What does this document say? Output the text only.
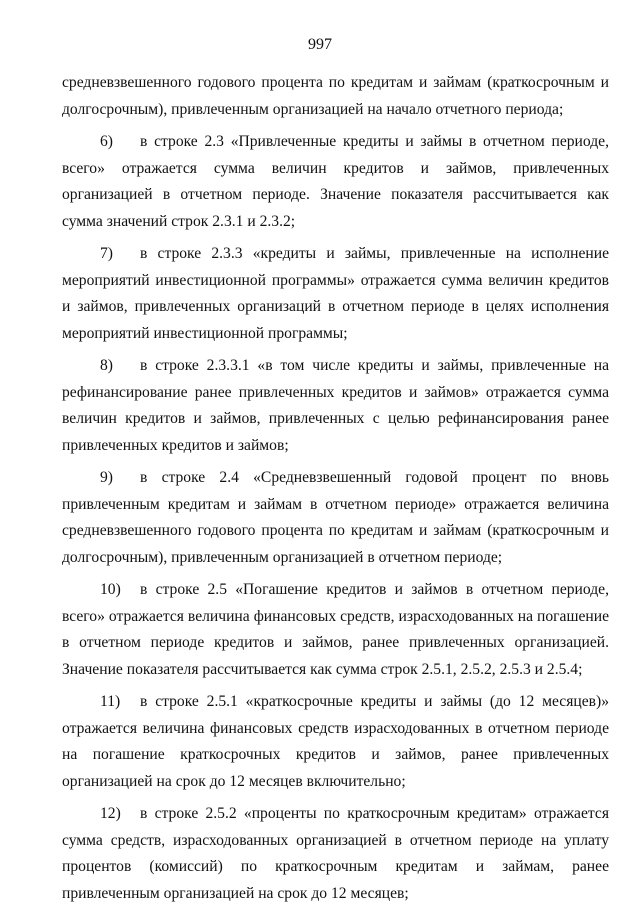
997

средневзвешенного годового процента по кредитам и займам (краткосрочным и долгосрочным), привлеченным организацией на начало отчетного периода;

6) в строке 2.3 «Привлеченные кредиты и займы в отчетном периоде, всего» отражается сумма величин кредитов и займов, привлеченных организацией в отчетном периоде. Значение показателя рассчитывается как сумма значений строк 2.3.1 и 2.3.2;

7) в строке 2.3.3 «кредиты и займы, привлеченные на исполнение мероприятий инвестиционной программы» отражается сумма величин кредитов и займов, привлеченных организаций в отчетном периоде в целях исполнения мероприятий инвестиционной программы;

8) в строке 2.3.3.1 «в том числе кредиты и займы, привлеченные на рефинансирование ранее привлеченных кредитов и займов» отражается сумма величин кредитов и займов, привлеченных с целью рефинансирования ранее привлеченных кредитов и займов;

9) в строке 2.4 «Средневзвешенный годовой процент по вновь привлеченным кредитам и займам в отчетном периоде» отражается величина средневзвешенного годового процента по кредитам и займам (краткосрочным и долгосрочным), привлеченным организацией в отчетном периоде;

10) в строке 2.5 «Погашение кредитов и займов в отчетном периоде, всего» отражается величина финансовых средств, израсходованных на погашение в отчетном периоде кредитов и займов, ранее привлеченных организацией. Значение показателя рассчитывается как сумма строк 2.5.1, 2.5.2, 2.5.3 и 2.5.4;

11) в строке 2.5.1 «краткосрочные кредиты и займы (до 12 месяцев)» отражается величина финансовых средств израсходованных в отчетном периоде на погашение краткосрочных кредитов и займов, ранее привлеченных организацией на срок до 12 месяцев включительно;

12) в строке 2.5.2 «проценты по краткосрочным кредитам» отражается сумма средств, израсходованных организацией в отчетном периоде на уплату процентов (комиссий) по краткосрочным кредитам и займам, ранее привлеченным организацией на срок до 12 месяцев;
